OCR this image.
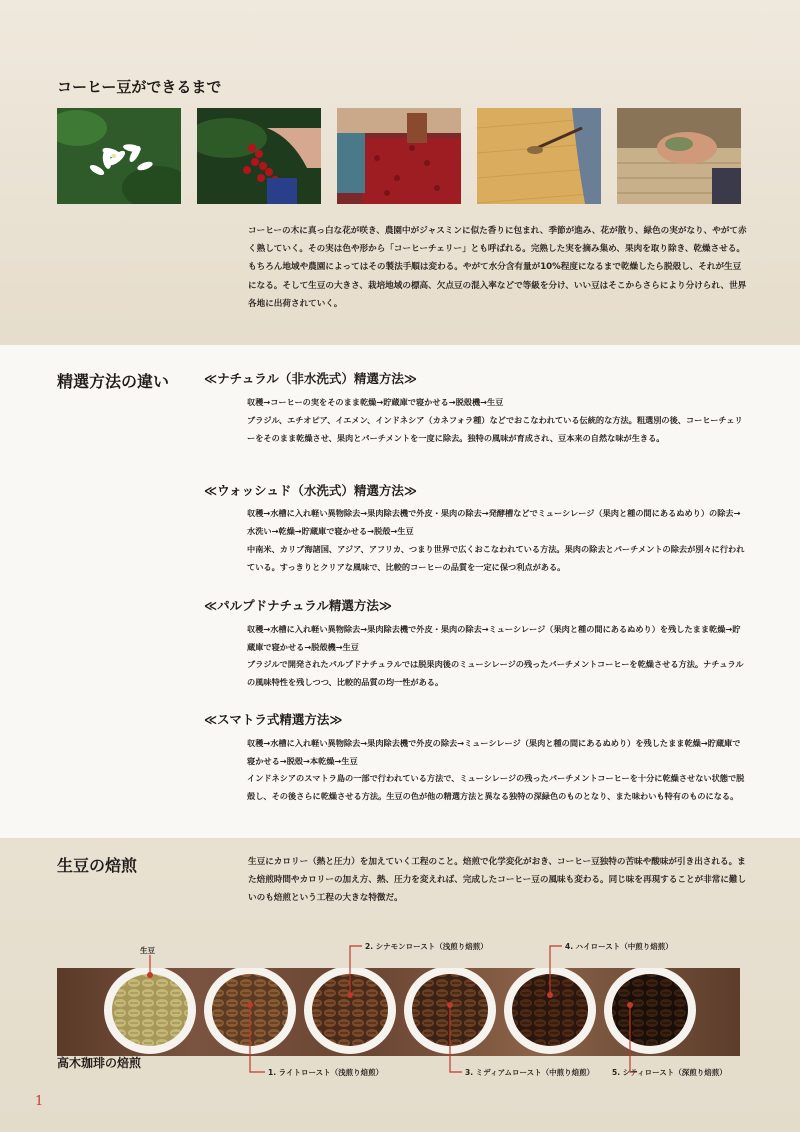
コーヒー豆ができるまで

コーヒーの木に真っ白な花が咲き、農園中がジャスミンに似た香りに包まれ、季節が進み、花が散り、緑色の実がなり、やがて赤く熟していく。その実は色や形から「コーヒーチェリー」とも呼ばれる。完熟した実を摘み集め、果肉を取り除き、乾燥させる。もちろん地域や農園によってはその製法手順は変わる。やがて水分含有量が10%程度になるまで乾燥したら脱殻し、それが生豆になる。そして生豆の大きさ、栽培地域の標高、欠点豆の混入率などで等級を分け、いい豆はそこからさらにより分けられ、世界各地に出荷されていく。

精選方法の違い	≪ナチュラル（非水洗式）精選方法≫

収穫→コーヒーの実をそのまま乾燥→貯蔵庫で寝かせる→脱殻機→生豆

ブラジル、エチオピア、イエメン、インドネシア（カネフォラ種）などでおこなわれている伝統的な方法。粗選別の後、コーヒーチェリーをそのまま乾燥させ、果肉とパーチメントを一度に除去。独特の風味が育成され、豆本来の自然な味が生きる。

≪ウォッシュド（水洗式）精選方法≫

収穫→水槽に入れ軽い異物除去→果肉除去機で外皮・果肉の除去→発酵槽などでミューシレージ（果肉と種の間にあるぬめり）の除去→水洗い→乾燥→貯蔵庫で寝かせる→脱殻→生豆

中南米、カリブ海諸国、アジア、アフリカ、つまり世界で広くおこなわれている方法。果肉の除去とパーチメントの除去が別々に行われている。すっきりとクリアな風味で、比較的コーヒーの品質を一定に保つ利点がある。

≪パルプドナチュラル精選方法≫

収穫→水槽に入れ軽い異物除去→果肉除去機で外皮・果肉の除去→ミューシレージ（果肉と種の間にあるぬめり）を残したまま乾燥→貯蔵庫で寝かせる→脱殻機→生豆

ブラジルで開発されたパルプドナチュラルでは脱果肉後のミューシレージの残ったパーチメントコーヒーを乾燥させる方法。ナチュラルの風味特性を残しつつ、比較的品質の均一性がある。

≪スマトラ式精選方法≫

収穫→水槽に入れ軽い異物除去→果肉除去機で外皮の除去→ミューシレージ（果肉と種の間にあるぬめり）を残したまま乾燥→貯蔵庫で寝かせる→脱殻→本乾燥→生豆

インドネシアのスマトラ島の一部で行われている方法で、ミューシレージの残ったパーチメントコーヒーを十分に乾燥させない状態で脱殻し、その後さらに乾燥させる方法。生豆の色が他の精選方法と異なる独特の深緑色のものとなり、また味わいも特有のものになる。

生豆の焙煎	生豆にカロリー（熱と圧力）を加えていく工程のこと。焙煎で化学変化がおき、コーヒー豆独特の苦味や酸味が引き出される。また焙煎時間やカロリーの加え方、熱、圧力を変えれば、完成したコーヒー豆の風味も変わる。同じ味を再現することが非常に難しいのも焙煎という工程の大きな特徴だ。

生豆

1. ライトロースト（浅煎り焙煎）

2. シナモンロースト（浅煎り焙煎）

3. ミディアムロースト（中煎り焙煎）

4. ハイロースト（中煎り焙煎）

5. シティロースト（深煎り焙煎）

高木珈琲の焙煎

1
